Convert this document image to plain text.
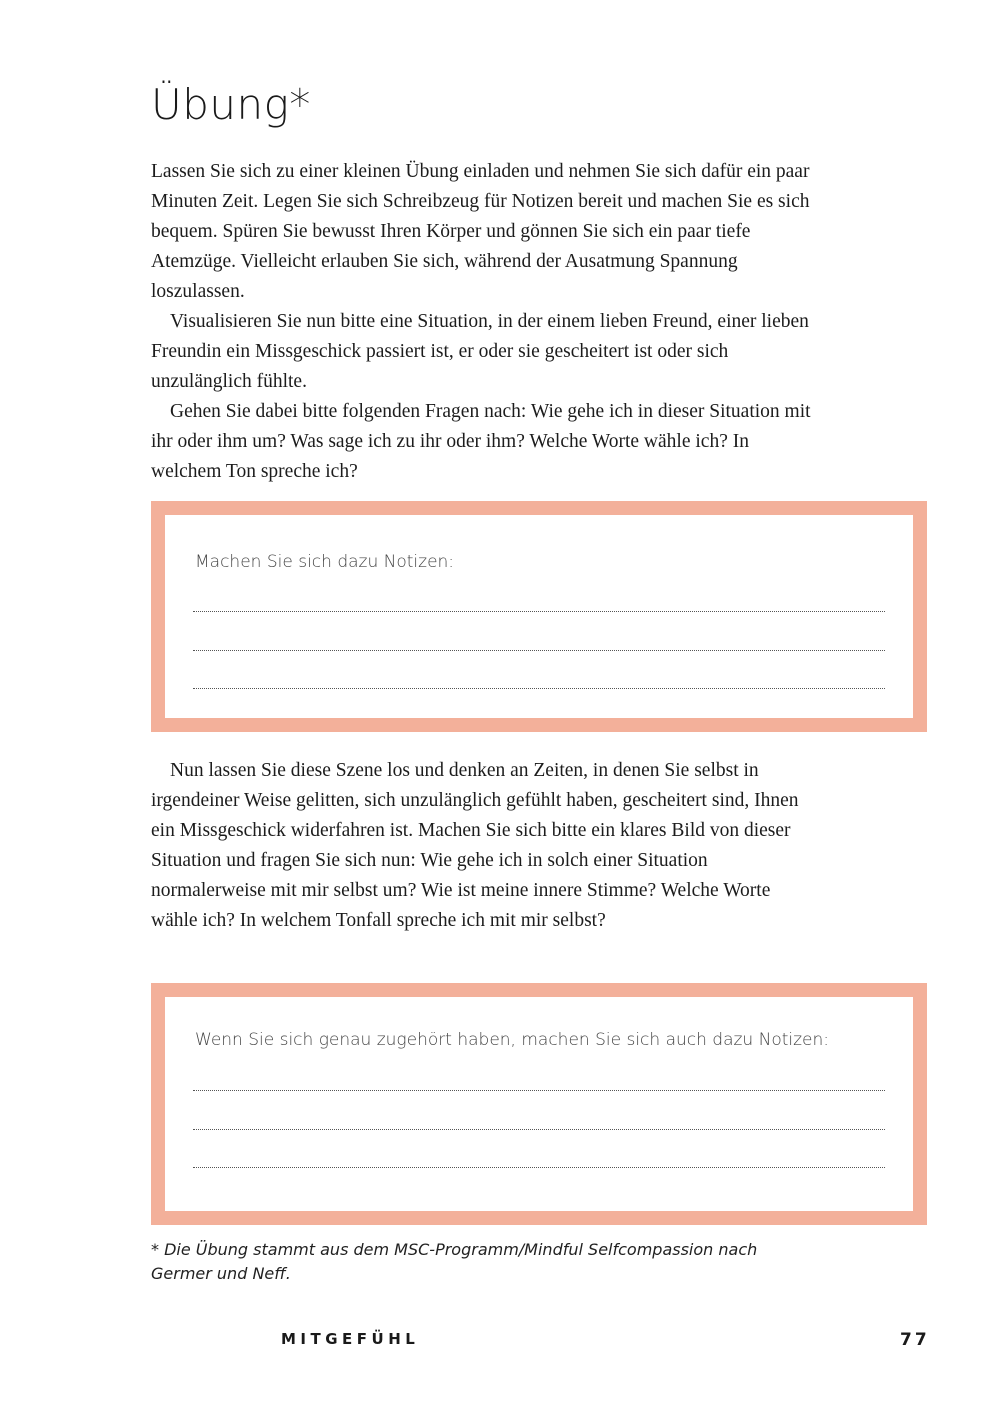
Übung*

Lassen Sie sich zu einer kleinen Übung einladen und nehmen Sie sich dafür ein paar Minuten Zeit. Legen Sie sich Schreibzeug für Notizen bereit und machen Sie es sich bequem. Spüren Sie bewusst Ihren Körper und gönnen Sie sich ein paar tiefe Atemzüge. Vielleicht erlauben Sie sich, während der Ausatmung Spannung loszulassen.

Visualisieren Sie nun bitte eine Situation, in der einem lieben Freund, einer lieben Freundin ein Missgeschick passiert ist, er oder sie gescheitert ist oder sich unzulänglich fühlte.

Gehen Sie dabei bitte folgenden Fragen nach: Wie gehe ich in dieser Situation mit ihr oder ihm um? Was sage ich zu ihr oder ihm? Welche Worte wähle ich? In welchem Ton spreche ich?

Machen Sie sich dazu Notizen:

Nun lassen Sie diese Szene los und denken an Zeiten, in denen Sie selbst in irgendeiner Weise gelitten, sich unzulänglich gefühlt haben, gescheitert sind, Ihnen ein Missgeschick widerfahren ist. Machen Sie sich bitte ein klares Bild von dieser Situation und fragen Sie sich nun: Wie gehe ich in solch einer Situation normalerweise mit mir selbst um? Wie ist meine innere Stimme? Welche Worte wähle ich? In welchem Tonfall spreche ich mit mir selbst?

Wenn Sie sich genau zugehört haben, machen Sie sich auch dazu Notizen:

* Die Übung stammt aus dem MSC-Programm/Mindful Selfcompassion nach Germer und Neff.

MITGEFÜHL	77
